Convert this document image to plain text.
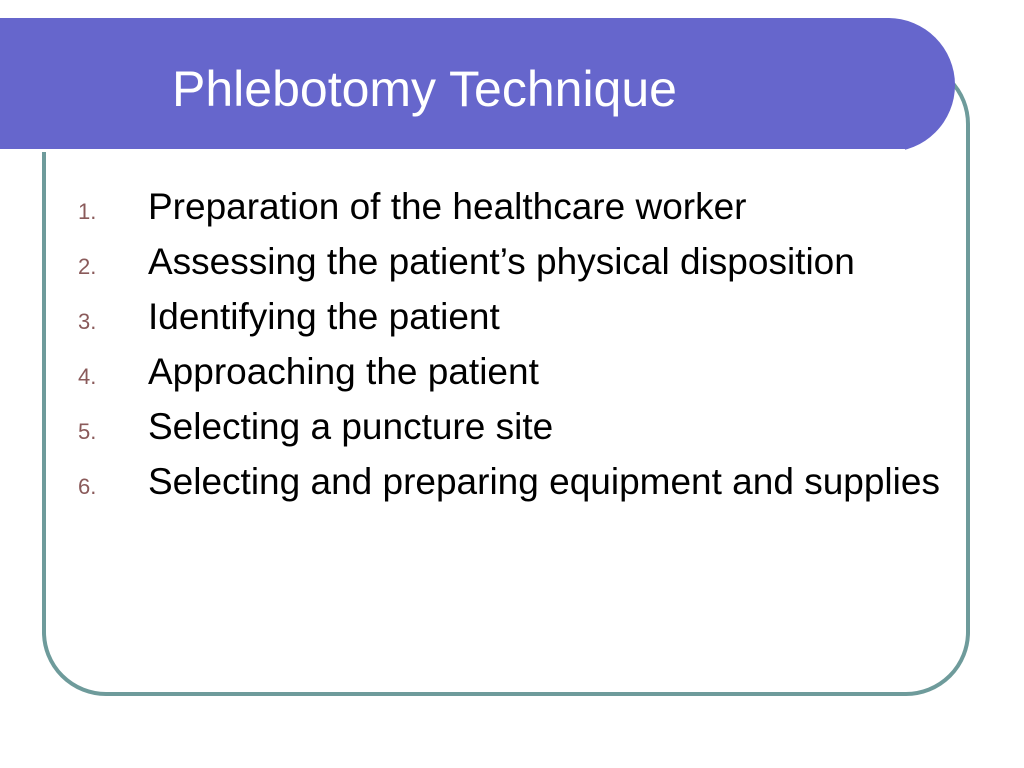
Phlebotomy Technique
1.	Preparation of the healthcare worker
2.	Assessing the patient’s physical disposition
3.	Identifying the patient
4.	Approaching the patient
5.	Selecting a puncture site
6.	Selecting and preparing equipment and supplies
